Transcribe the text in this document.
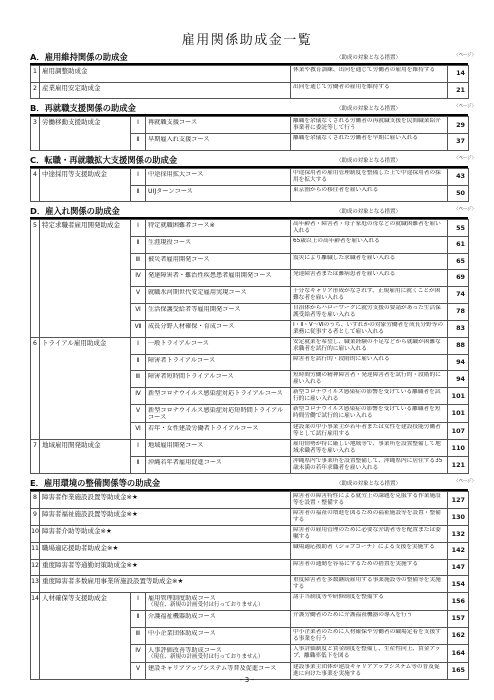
雇用関係助成金一覧
A．雇用維持関係の助成金	〈助成の対象となる措置〉	〈ページ〉
1	雇用調整助成金	休業や教育訓練、出向を通じて労働者の雇用を維持する	14
2	産業雇用安定助成金	出向を通じて労働者の雇用を維持する	21
B．再就職支援関係の助成金	〈助成の対象となる措置〉	〈ページ〉
3	労働移動支援助成金	Ⅰ	再就職支援コース	離職を余儀なくされる労働者の再就職支援を民間職業紹介事業者に委託等して行う	29
		Ⅱ	早期雇入れ支援コース	離職を余儀なくされた労働者を早期に雇い入れる	37
C．転職・再就職拡大支援関係の助成金	〈助成の対象となる措置〉	〈ページ〉
4	中途採用等支援助成金	Ⅰ	中途採用拡大コース	中途採用者の雇用管理制度を整備した上で中途採用者の採用を拡大する	43
		Ⅱ	UIJターンコース	東京圏からの移住者を雇い入れる	50
D．雇入れ関係の助成金	〈助成の対象となる措置〉	〈ページ〉
5	特定求職者雇用開発助成金	Ⅰ	特定就職困難者コース※	高年齢者・障害者・母子家庭の母などの就職困難者を雇い入れる	55
		Ⅱ	生涯現役コース	65歳以上の高年齢者を雇い入れる	61
		Ⅲ	被災者雇用開発コース	震災により離職した求職者を雇い入れる	65
		Ⅳ	発達障害者・難治性疾患患者雇用開発コース	発達障害者または難病患者を雇い入れる	69
		Ⅴ	就職氷河期世代安定雇用実現コース	十分なキャリア形成がなされず、正規雇用に就くことが困難な者を雇い入れる	74
		Ⅵ	生活保護受給者等雇用開発コース	自治体からハローワークに就労支援の要請があった生活保護受給者等を雇い入れる	78
		Ⅶ	成長分野人材確保・育成コース	Ⅰ・Ⅱ・Ⅴ～Ⅵのうち、いずれかの対象労働者を成長分野等の業務に従事する者として雇い入れる	83
6	トライアル雇用助成金	Ⅰ	一般トライアルコース	安定就業を希望し、職業経験の不足などから就職が困難な求職者を試行的に雇い入れる	88
		Ⅱ	障害者トライアルコース	障害者を試行的・段階的に雇い入れる	94
		Ⅲ	障害者短時間トライアルコース	短時間労働の精神障害者・発達障害者を試行的・段階的に雇い入れる	94
		Ⅳ	新型コロナウイルス感染症対応トライアルコース	新型コロナウイルス感染症の影響を受けている離職者を試行的に雇い入れる	101
		Ⅴ	新型コロナウイルス感染症対応短時間トライアルコース	新型コロナウイルス感染症の影響を受けている離職者を短時間労働で試行的に雇い入れる	101
		Ⅵ	若年・女性建設労働者トライアルコース	建設業の中小事業主が若年者または女性を建設技能労働者等として試行雇用する	107
7	地域雇用開発助成金	Ⅰ	地域雇用開発コース	雇用情勢が特に厳しい地域等で、事業所を設置整備して地域求職者等を雇い入れる	110
		Ⅱ	沖縄若年者雇用促進コース	沖縄県内で事業所を設置整備して、沖縄県内に居住する35歳未満の若年求職者を雇い入れる	121
E．雇用環境の整備関係等の助成金	〈助成の対象となる措置〉	〈ページ〉
8	障害者作業施設設置等助成金※★			障害者の障害特性による就労上の課題を克服する作業施設等を設置・整備する	127
9	障害者福祉施設設置等助成金※★			障害者の福祉の増進を図るための福祉施設等を設置・整備する	130
10	障害者介助等助成金※★			障害者の雇用管理のために必要な介助者等を配置または委嘱する	132
11	職場適応援助者助成金※★			職場適応援助者（ジョブコーチ）による支援を実施する	142
12	重度障害者等通勤対策助成金※★			障害者の通勤を容易にするための措置を実施する	147
13	重度障害者多数雇用事業所施設設置等助成金※★			重度障害者を多数継続雇用する事業施設等の整備等を実施する	154
14	人材確保等支援助成金	Ⅰ	雇用管理制度助成コース
（現在、新規の計画受付は行っておりません）	諸手当制度等や研修制度を整備する	156
		Ⅱ	介護福祉機器助成コース	介護労働者のために介護福祉機器の導入を行う	157
		Ⅲ	中小企業団体助成コース	中小企業者のために人材確保や労働者の職場定着を支援する事業を行う	162
		Ⅳ	人事評価改善等助成コース
（現在、新規の計画受付は行っておりません）	人事評価制度と賃金制度を整備し、生産性向上、賃金アップ、離職率低下を図る	164
		Ⅴ	建設キャリアアップシステム等普及促進コース	建設事業主団体が建設キャリアアップシステム等の普及促進に向けた事業を実施する	165
- 3 -
